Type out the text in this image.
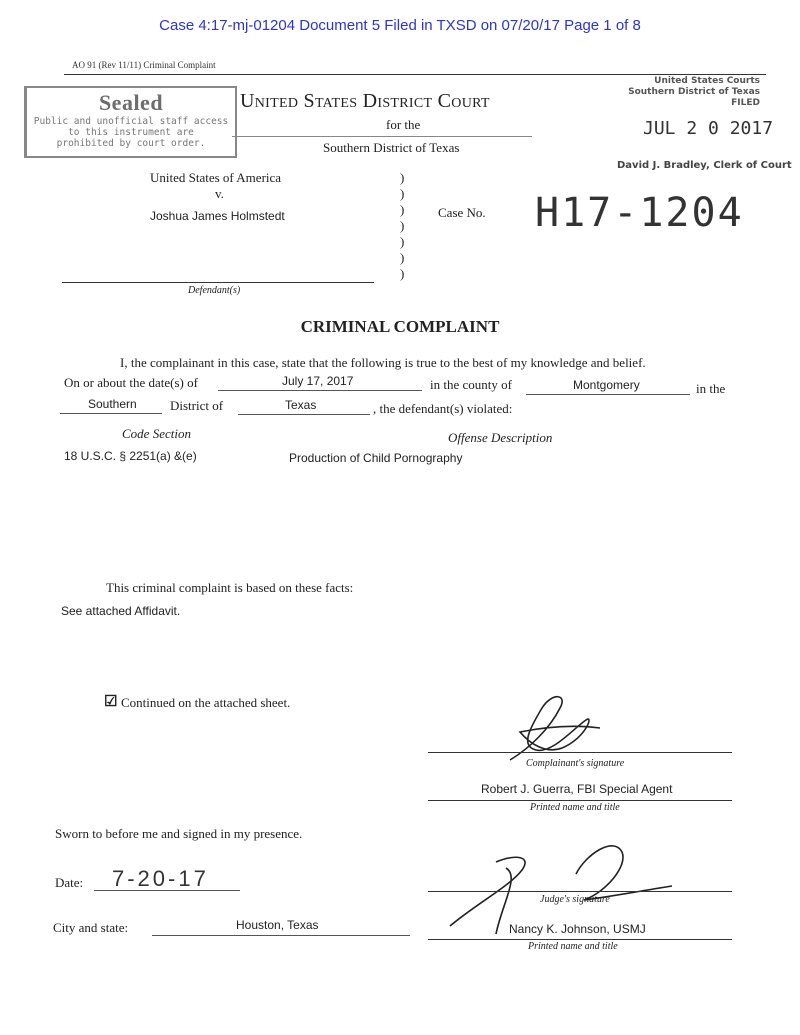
Case 4:17-mj-01204 Document 5 Filed in TXSD on 07/20/17 Page 1 of 8
AO 91 (Rev 11/11) Criminal Complaint
Sealed
Public and unofficial staff access
to this instrument are
prohibited by court order.
United States District Court
for the
Southern District of Texas
United States Courts
Southern District of Texas
FILED
JUL 2 0 2017
David J. Bradley, Clerk of Court
United States of America
v.
Joshua James Holmstedt
Defendant(s)
)
)
)
)
)
)
)
Case No. H17-1204
CRIMINAL COMPLAINT
I, the complainant in this case, state that the following is true to the best of my knowledge and belief.
On or about the date(s) of	July 17, 2017	in the county of	Montgomery	in the
Southern	District of	Texas	, the defendant(s) violated:
Code Section	Offense Description
18 U.S.C. § 2251(a) &(e)	Production of Child Pornography
This criminal complaint is based on these facts:
See attached Affidavit.
☑ Continued on the attached sheet.
Complainant's signature
Robert J. Guerra, FBI Special Agent
Printed name and title
Sworn to before me and signed in my presence.
Date: 7-20-17
City and state:	Houston, Texas
Judge's signature
Nancy K. Johnson, USMJ
Printed name and title
